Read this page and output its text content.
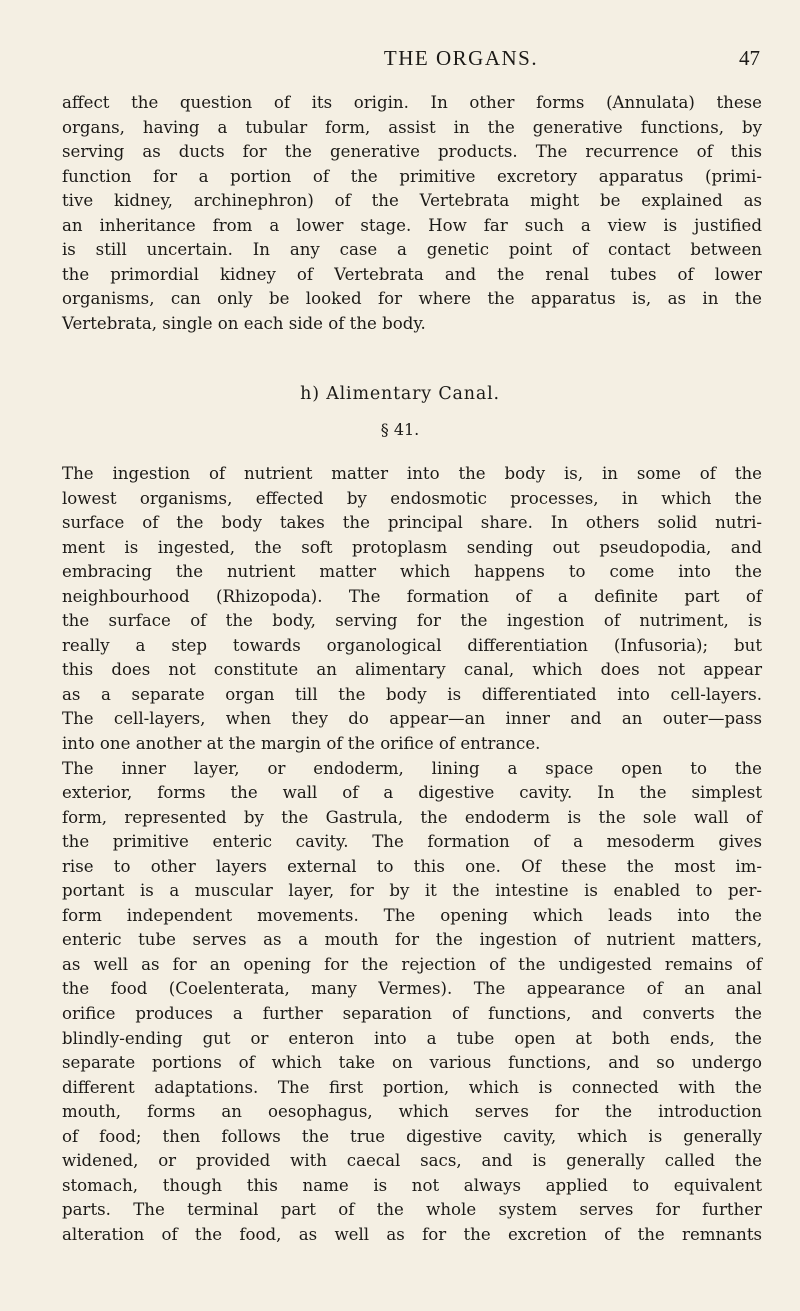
THE ORGANS.	47
affect the question of its origin. In other forms (Annulata) these
organs, having a tubular form, assist in the generative functions, by
serving as ducts for the generative products. The recurrence of this
function for a portion of the primitive excretory apparatus (primi-
tive kidney, archinephron) of the Vertebrata might be explained as
an inheritance from a lower stage. How far such a view is justified
is still uncertain. In any case a genetic point of contact between
the primordial kidney of Vertebrata and the renal tubes of lower
organisms, can only be looked for where the apparatus is, as in the
Vertebrata, single on each side of the body.
h) Alimentary Canal.
§ 41.
The ingestion of nutrient matter into the body is, in some of the
lowest organisms, effected by endosmotic processes, in which the
surface of the body takes the principal share. In others solid nutri-
ment is ingested, the soft protoplasm sending out pseudopodia, and
embracing the nutrient matter which happens to come into the
neighbourhood (Rhizopoda). The formation of a definite part of
the surface of the body, serving for the ingestion of nutriment, is
really a step towards organological differentiation (Infusoria); but
this does not constitute an alimentary canal, which does not appear
as a separate organ till the body is differentiated into cell-layers.
The cell-layers, when they do appear—an inner and an outer—pass
into one another at the margin of the orifice of entrance.
The inner layer, or endoderm, lining a space open to the
exterior, forms the wall of a digestive cavity. In the simplest
form, represented by the Gastrula, the endoderm is the sole wall of
the primitive enteric cavity. The formation of a mesoderm gives
rise to other layers external to this one. Of these the most im-
portant is a muscular layer, for by it the intestine is enabled to per-
form independent movements. The opening which leads into the
enteric tube serves as a mouth for the ingestion of nutrient matters,
as well as for an opening for the rejection of the undigested remains of
the food (Coelenterata, many Vermes). The appearance of an anal
orifice produces a further separation of functions, and converts the
blindly-ending gut or enteron into a tube open at both ends, the
separate portions of which take on various functions, and so undergo
different adaptations. The first portion, which is connected with the
mouth, forms an oesophagus, which serves for the introduction
of food; then follows the true digestive cavity, which is generally
widened, or provided with caecal sacs, and is generally called the
stomach, though this name is not always applied to equivalent
parts. The terminal part of the whole system serves for further
alteration of the food, as well as for the excretion of the remnants
